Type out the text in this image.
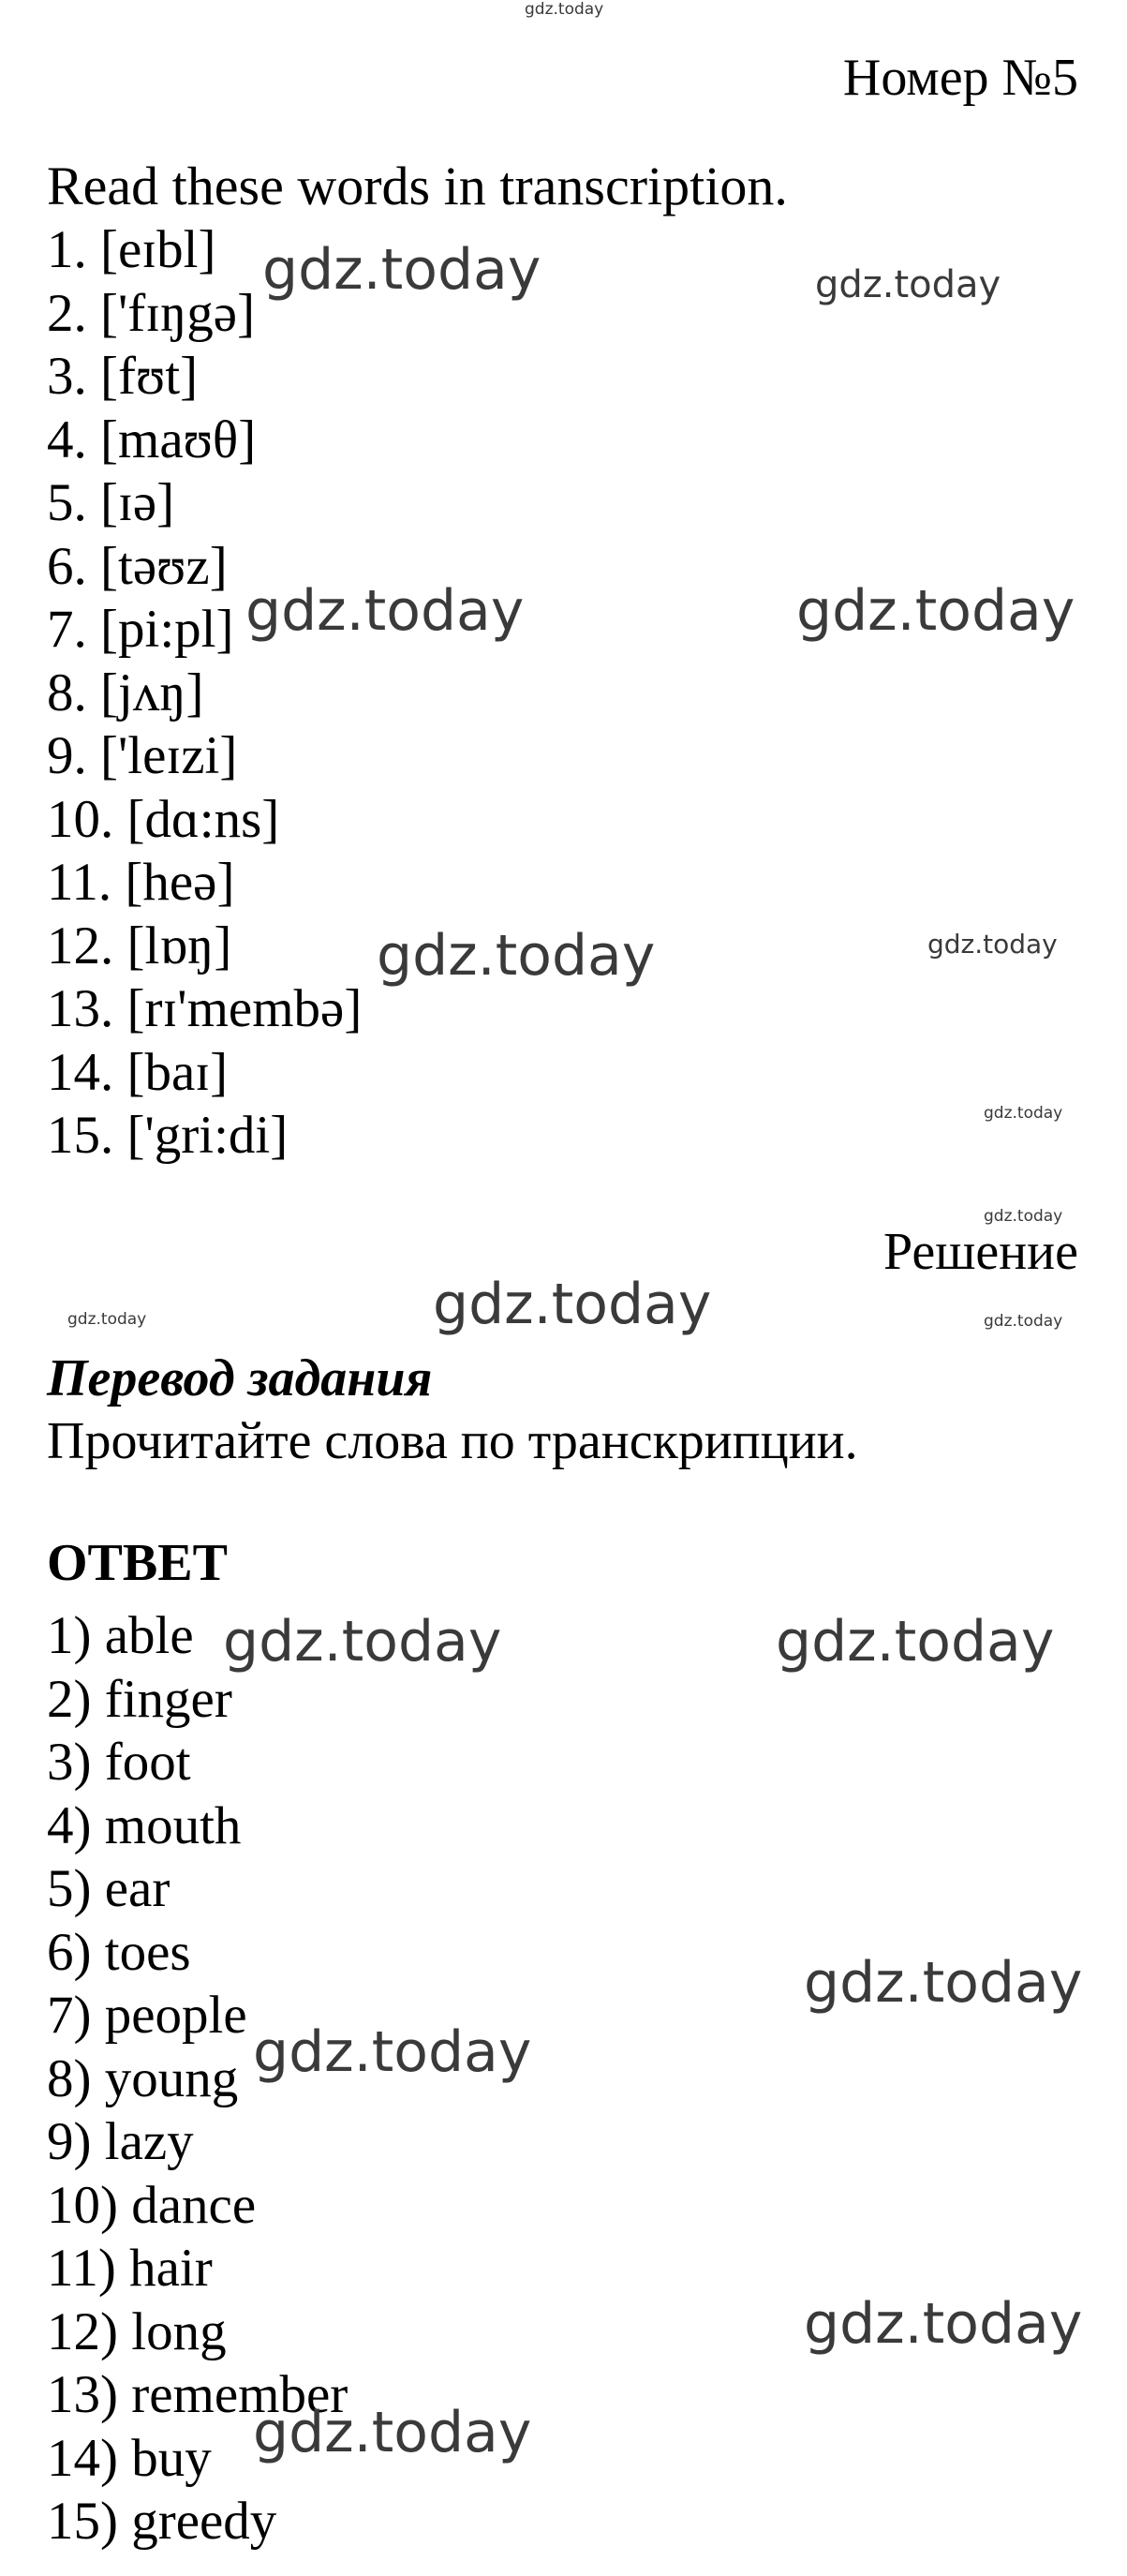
gdz.today
Номер №5
Read these words in transcription.
1. [eɪbl]
2. ['fɪŋgə]
3. [fʊt]
4. [maʊθ]
5. [ɪə]
6. [təʊz]
7. [pi:pl]
8. [jʌŋ]
9. ['leɪzi]
10. [dɑ:ns]
11. [heə]
12. [lɒŋ]
13. [rɪ'membə]
14. [baɪ]
15. ['gri:di]
gdz.today	gdz.today
gdz.today	gdz.today
gdz.today	gdz.today
gdz.today
gdz.today
Решение
gdz.today	gdz.today	gdz.today
Перевод задания
Прочитайте слова по транскрипции.
ОТВЕТ
1) able
2) finger
3) foot
4) mouth
5) ear
6) toes
7) people
8) young
9) lazy
10) dance
11) hair
12) long
13) remember
14) buy
15) greedy
gdz.today	gdz.today
gdz.today
gdz.today
gdz.today
gdz.today
